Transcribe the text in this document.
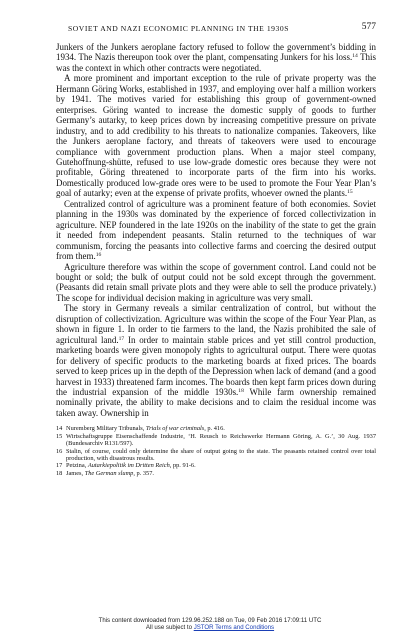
SOVIET AND NAZI ECONOMIC PLANNING IN THE 1930S	577

Junkers of the Junkers aeroplane factory refused to follow the government’s bidding in 1934. The Nazis thereupon took over the plant, compensating Junkers for his loss.$^{14}$ This was the context in which other contracts were negotiated.

A more prominent and important exception to the rule of private property was the Hermann Göring Works, established in 1937, and employing over half a million workers by 1941. The motives varied for establishing this group of government-owned enterprises. Göring wanted to increase the domestic supply of goods to further Germany’s autarky, to keep prices down by increasing competitive pressure on private industry, and to add credibility to his threats to nationalize companies. Takeovers, like the Junkers aeroplane factory, and threats of takeovers were used to encourage compliance with government production plans. When a major steel company, Gutehoffnung-shütte, refused to use low-grade domestic ores because they were not profitable, Göring threatened to incorporate parts of the firm into his works. Domestically produced low-grade ores were to be used to promote the Four Year Plan’s goal of autarky; even at the expense of private profits, whoever owned the plants.$^{15}$

Centralized control of agriculture was a prominent feature of both economies. Soviet planning in the 1930s was dominated by the experience of forced collectivization in agriculture. NEP foundered in the late 1920s on the inability of the state to get the grain it needed from independent peasants. Stalin returned to the techniques of war communism, forcing the peasants into collective farms and coercing the desired output from them.$^{16}$

Agriculture therefore was within the scope of government control. Land could not be bought or sold; the bulk of output could not be sold except through the government. (Peasants did retain small private plots and they were able to sell the produce privately.) The scope for individual decision making in agriculture was very small.

The story in Germany reveals a similar centralization of control, but without the disruption of collectivization. Agriculture was within the scope of the Four Year Plan, as shown in figure 1. In order to tie farmers to the land, the Nazis prohibited the sale of agricultural land.$^{17}$ In order to maintain stable prices and yet still control production, marketing boards were given monopoly rights to agricultural output. There were quotas for delivery of specific products to the marketing boards at fixed prices. The boards served to keep prices up in the depth of the Depression when lack of demand (and a good harvest in 1933) threatened farm incomes. The boards then kept farm prices down during the industrial expansion of the middle 1930s.$^{18}$ While farm ownership remained nominally private, the ability to make decisions and to claim the residual income was taken away. Ownership in

14 Nuremberg Military Tribunals, Trials of war criminals, p. 416.

15 Wirtschaftsgruppe Eisenschaffende Industrie, ‘H. Reusch to Reichswerke Hermann Göring, A. G.’, 30 Aug. 1937 (Bundesarchiv R131/597).

16 Stalin, of course, could only determine the share of output going to the state. The peasants retained control over total production, with disastrous results.

17 Petzina, Autarkiepolitik im Dritten Reich, pp. 91-6.

18 James, The German slump, p. 357.

This content downloaded from 129.96.252.188 on Tue, 09 Feb 2016 17:09:11 UTC
All use subject to JSTOR Terms and Conditions
